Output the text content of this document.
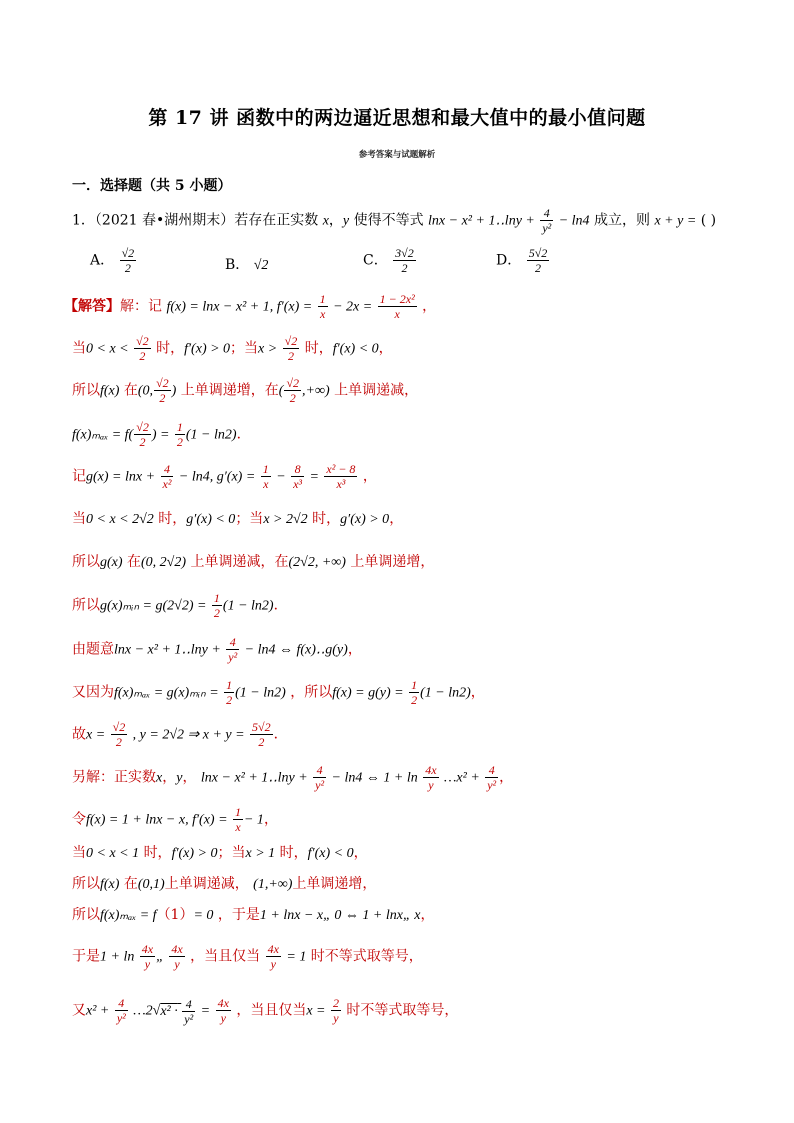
第 17 讲 函数中的两边逼近思想和最大值中的最小值问题
参考答案与试题解析
一．选择题（共 5 小题）
1．（2021 春•湖州期末）若存在正实数 x，y 使得不等式 lnx − x² + 1‥lny + $\frac{4}{\text{y²}} - \ln 4$ 成立，则 x + y = ( )
A． $\frac{√2}{2}$	B． √2	C． $\frac{3√2}{2}$	D． $\frac{5√2}{2}$
【解答】解：记 f(x) = lnx − x² + 1, $f'(x) = \frac{1}{x} - 2x = \frac{\text{1 − 2x²}}{x}$ ，
当$0 < x < \frac{√2}{2}$ 时，f′(x) > 0；当$x > \frac{√2}{2}$ 时，f′(x) < 0，
所以f(x) 在(0, $\frac{√2}{2}$ ) 上单调递增，在( $\frac{√2}{2}$ ,+∞) 上单调递减，
$f(x)_{max} = f( \frac{√2}{2}$ ) = $\frac{1}{2} (1 - \ln 2)$．
记$g(x) = \ln x + \frac{4}{\text{x²}} - \ln 4$, $g'(x) = \frac{1}{x} - \frac{8}{\text{x³}} = \frac{\text{x² − 8}}{\text{x³}}$ ，
当0 < x < 2√2 时，g′(x) < 0；当x > 2√2 时，g′(x) > 0，
所以g(x) 在(0, 2√2) 上单调递减，在(2√2, +∞) 上单调递增，
所以g(x)ₘᵢₙ = $g(2√2) = \frac{1}{2} (1 - \ln 2)$．
由题意lnx − x² + 1‥lny + $\frac{4}{\text{y²}} - \ln 4$ ⇔ f(x)‥g(y)，
又因为f(x)ₘₐₓ = g(x)ₘᵢₙ = $\frac{1}{2} (1 - \ln 2)$ ，所以$f(x) = g(y) = \frac{1}{2} (1 - \ln 2)$，
故$x = \frac{√2}{2}$ , y = 2√2 ⇒ $x + y = \frac{5√2}{2}$ ．
另解：正实数x，y， lnx − x² + 1‥lny + $\frac{4}{\text{y²}} - \ln 4$ ⇔ $1 + \ln \frac{4x}{y}$ …x² + $\frac{4}{\text{y²}}$ ，
令f(x) = 1 + lnx − x, $f'(x) = \frac{1}{x} - 1$，
当0 < x < 1 时，f′(x) > 0；当x > 1 时，f′(x) < 0，
所以f(x) 在(0,1)上单调递减， (1,+∞)上单调递增，
所以f(x)ₘₐₓ = f（1）= 0 ，于是1 + lnx − x„ 0 ⇔ 1 + lnx„ x，
于是$1 + \ln \frac{4x}{y}$ „ $\frac{4x}{y}$ ，当且仅当 $\frac{4x}{y} = 1$ 时不等式取等号，
又$x^2 + \frac{4}{\text{y²}}$ …2√x² · $\frac{4}{\text{y²}} = \frac{4x}{y}$ ，当且仅当$x = \frac{2}{y}$ 时不等式取等号，
